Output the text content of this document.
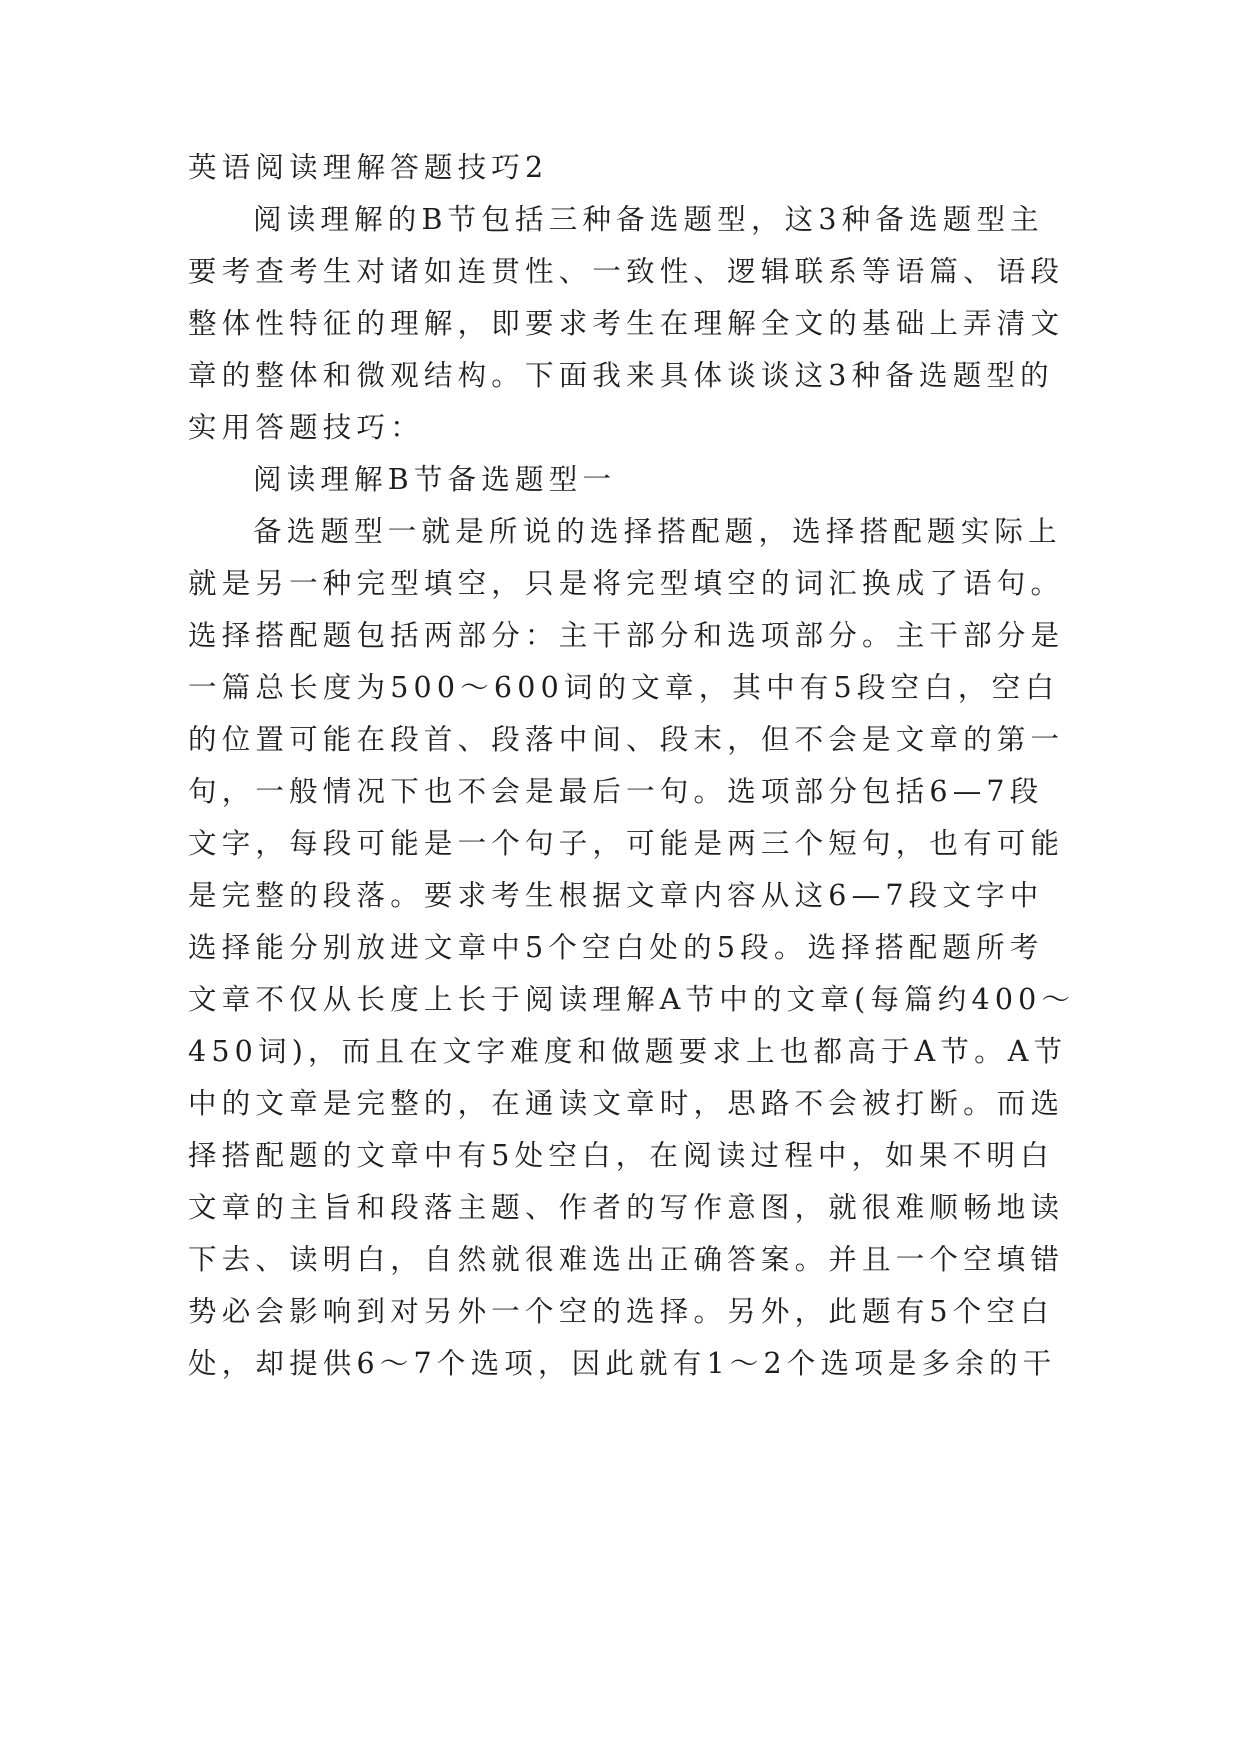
英语阅读理解答题技巧2
阅读理解的B节包括三种备选题型，这3种备选题型主
要考查考生对诸如连贯性、一致性、逻辑联系等语篇、语段
整体性特征的理解，即要求考生在理解全文的基础上弄清文
章的整体和微观结构。下面我来具体谈谈这3种备选题型的
实用答题技巧：
阅读理解B节备选题型一
备选题型一就是所说的选择搭配题，选择搭配题实际上
就是另一种完型填空，只是将完型填空的词汇换成了语句。
选择搭配题包括两部分：主干部分和选项部分。主干部分是
一篇总长度为500～600词的文章，其中有5段空白，空白
的位置可能在段首、段落中间、段末，但不会是文章的第一
句，一般情况下也不会是最后一句。选项部分包括6—7段
文字，每段可能是一个句子，可能是两三个短句，也有可能
是完整的段落。要求考生根据文章内容从这6—7段文字中
选择能分别放进文章中5个空白处的5段。选择搭配题所考
文章不仅从长度上长于阅读理解A节中的文章(每篇约400～
450词)，而且在文字难度和做题要求上也都高于A节。A节
中的文章是完整的，在通读文章时，思路不会被打断。而选
择搭配题的文章中有5处空白，在阅读过程中，如果不明白
文章的主旨和段落主题、作者的写作意图，就很难顺畅地读
下去、读明白，自然就很难选出正确答案。并且一个空填错
势必会影响到对另外一个空的选择。另外，此题有5个空白
处，却提供6～7个选项，因此就有1～2个选项是多余的干
